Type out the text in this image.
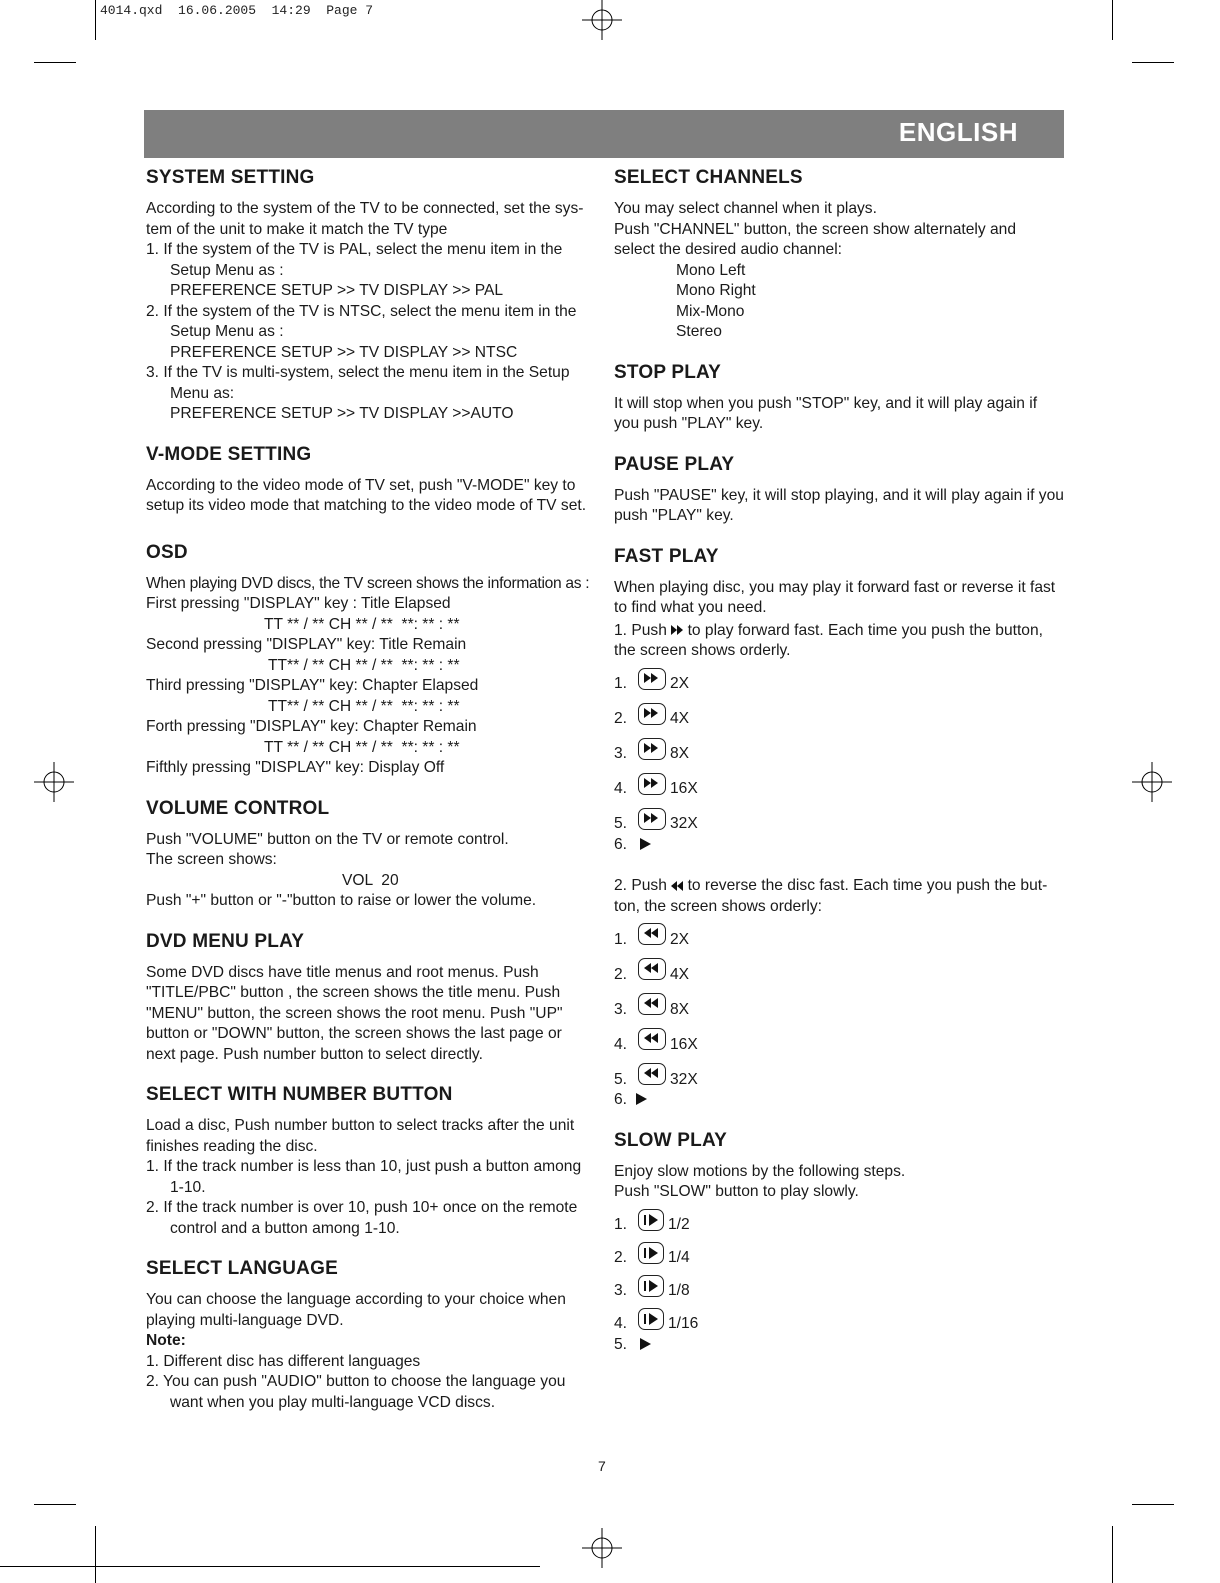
4014.qxd  16.06.2005  14:29  Page 7
ENGLISH
SYSTEM SETTING

According to the system of the TV to be connected, set the sys-

tem of the unit to make it match the TV type

1. If the system of the TV is PAL, select the menu item in the

Setup Menu as :

PREFERENCE SETUP >> TV DISPLAY >> PAL

2. If the system of the TV is NTSC, select the menu item in the

Setup Menu as :

PREFERENCE SETUP >> TV DISPLAY >> NTSC

3. If the TV is multi-system, select the menu item in the Setup

Menu as:

PREFERENCE SETUP >> TV DISPLAY >>AUTO

V-MODE SETTING

According to the video mode of TV set, push "V-MODE" key to

setup its video mode that matching to the video mode of TV set.

OSD

When playing DVD discs, the TV screen shows the information as :

First pressing "DISPLAY" key : Title Elapsed

TT ** / ** CH ** / **  **: ** : **

Second pressing "DISPLAY" key: Title Remain

TT** / ** CH ** / **  **: ** : **

Third pressing "DISPLAY" key: Chapter Elapsed

TT** / ** CH ** / **  **: ** : **

Forth pressing "DISPLAY" key: Chapter Remain

TT ** / ** CH ** / **  **: ** : **

Fifthly pressing "DISPLAY" key: Display Off

VOLUME CONTROL

Push "VOLUME" button on the TV or remote control.

The screen shows:

VOL  20

Push "+" button or "-"button to raise or lower the volume.

DVD MENU PLAY

Some DVD discs have title menus and root menus. Push

"TITLE/PBC" button , the screen shows the title menu. Push

"MENU" button, the screen shows the root menu. Push "UP"

button or "DOWN" button, the screen shows the last page or

next page. Push number button to select directly.

SELECT WITH NUMBER BUTTON

Load a disc, Push number button to select tracks after the unit

finishes reading the disc.

1. If the track number is less than 10, just push a button among

1-10.

2. If the track number is over 10, push 10+ once on the remote

control and a button among 1-10.

SELECT LANGUAGE

You can choose the language according to your choice when

playing multi-language DVD.

Note:

1. Different disc has different languages

2. You can push "AUDIO" button to choose the language you

want when you play multi-language VCD discs.

SELECT CHANNELS

You may select channel when it plays.

Push "CHANNEL" button, the screen show alternately and

select the desired audio channel:

Mono Left

Mono Right

Mix-Mono

Stereo

STOP PLAY

It will stop when you push "STOP" key, and it will play again if

you push "PLAY" key.

PAUSE PLAY

Push "PAUSE" key, it will stop playing, and it will play again if you

push "PLAY" key.

FAST PLAY

When playing disc, you may play it forward fast or reverse it fast

to find what you need.

1. Push to play forward fast. Each time you push the button,

the screen shows orderly.

1.	2X
2.	4X
3.	8X
4.	16X
5.	32X

6.

2. Push to reverse the disc fast. Each time you push the but-

ton, the screen shows orderly:

1.	2X
2.	4X
3.	8X
4.	16X
5.	32X

6.

SLOW PLAY

Enjoy slow motions by the following steps.

Push "SLOW" button to play slowly.

1.	1/2
2.	1/4
3.	1/8
4.	1/16

5.

7
